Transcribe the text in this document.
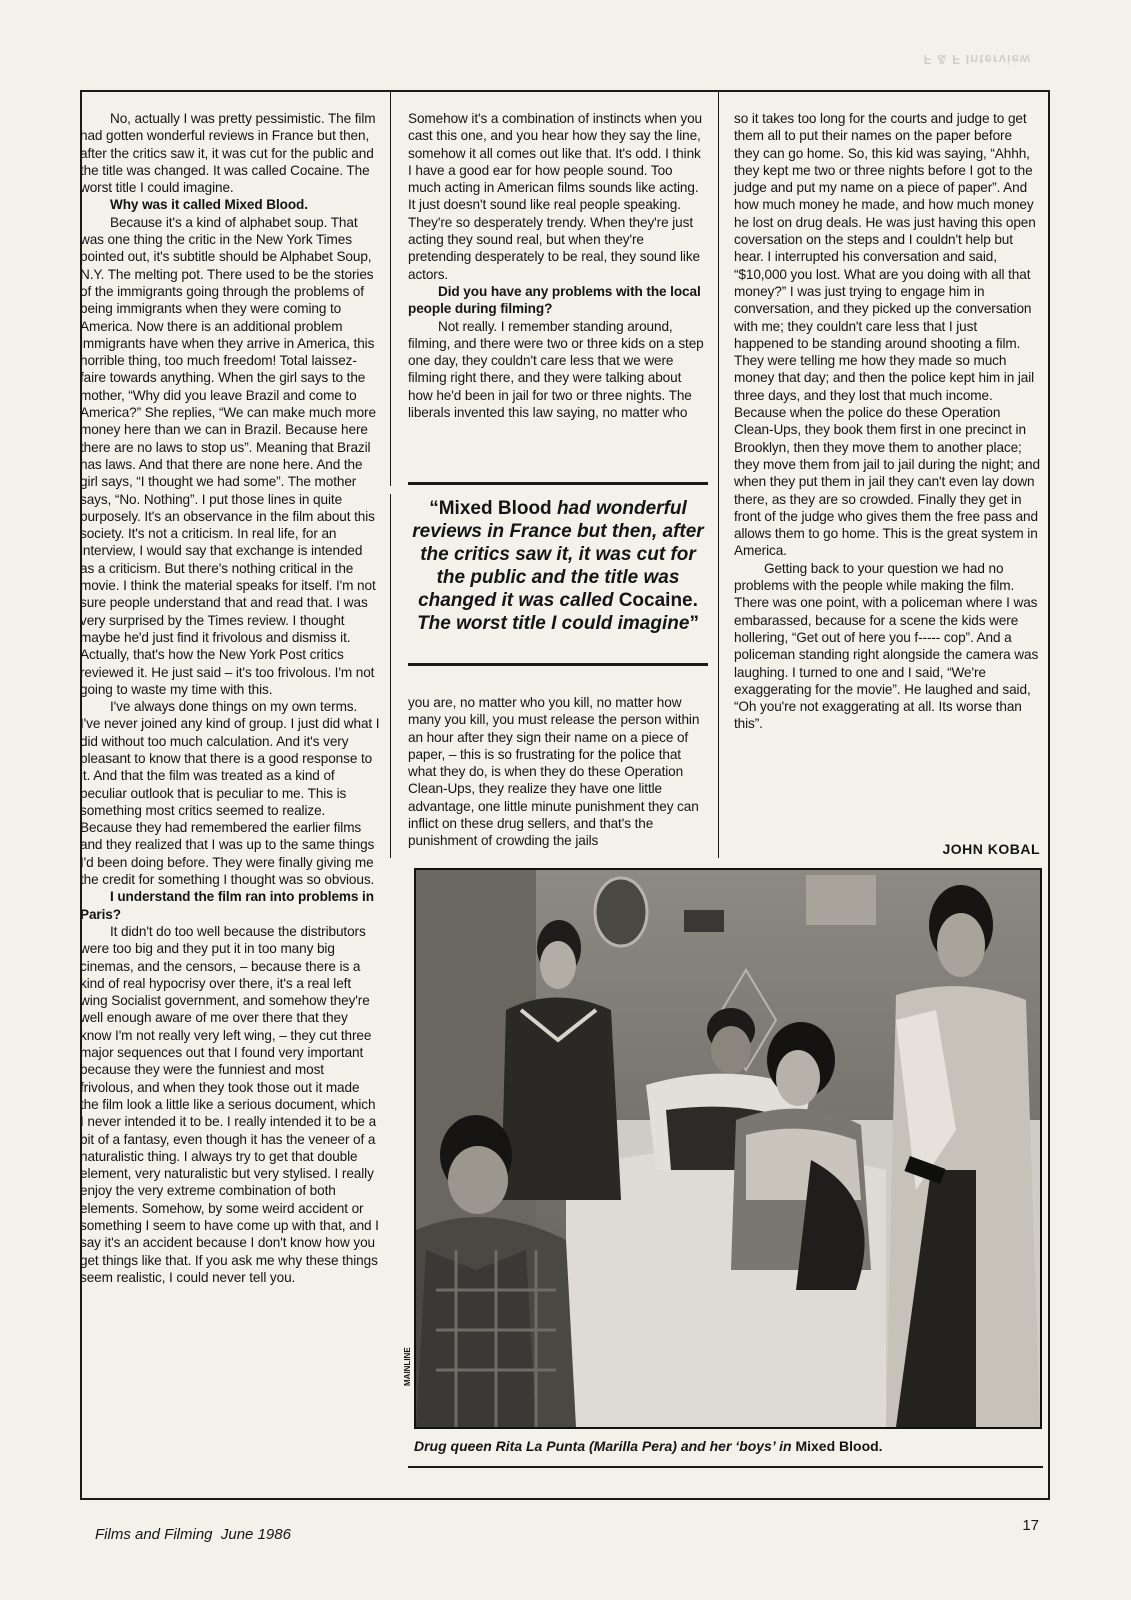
F & F Interview

No, actually I was pretty pessimistic. The film had gotten wonderful reviews in France but then, after the critics saw it, it was cut for the public and the title was changed. It was called Cocaine. The worst title I could imagine.

Why was it called Mixed Blood.

Because it's a kind of alphabet soup. That was one thing the critic in the New York Times pointed out, it's subtitle should be Alphabet Soup, N.Y. The melting pot. There used to be the stories of the immigrants going through the problems of being immigrants when they were coming to America. Now there is an additional problem immigrants have when they arrive in America, this horrible thing, too much freedom! Total laissez-faire towards anything. When the girl says to the mother, “Why did you leave Brazil and come to America?” She replies, “We can make much more money here than we can in Brazil. Because here there are no laws to stop us”. Meaning that Brazil has laws. And that there are none here. And the girl says, “I thought we had some”. The mother says, “No. Nothing”. I put those lines in quite purposely. It's an observance in the film about this society. It's not a criticism. In real life, for an interview, I would say that exchange is intended as a criticism. But there's nothing critical in the movie. I think the material speaks for itself. I'm not sure people understand that and read that. I was very surprised by the Times review. I thought maybe he'd just find it frivolous and dismiss it. Actually, that's how the New York Post critics reviewed it. He just said – it's too frivolous. I'm not going to waste my time with this.

I've always done things on my own terms. I've never joined any kind of group. I just did what I did without too much calculation. And it's very pleasant to know that there is a good response to it. And that the film was treated as a kind of peculiar outlook that is peculiar to me. This is something most critics seemed to realize. Because they had remembered the earlier films and they realized that I was up to the same things I'd been doing before. They were finally giving me the credit for something I thought was so obvious.

I understand the film ran into problems in Paris?

It didn't do too well because the distributors were too big and they put it in too many big cinemas, and the censors, – because there is a kind of real hypocrisy over there, it's a real left wing Socialist government, and somehow they're well enough aware of me over there that they know I'm not really very left wing, – they cut three major sequences out that I found very important because they were the funniest and most frivolous, and when they took those out it made the film look a little like a serious document, which I never intended it to be. I really intended it to be a bit of a fantasy, even though it has the veneer of a naturalistic thing. I always try to get that double element, very naturalistic but very stylised. I really enjoy the very extreme combination of both elements. Somehow, by some weird accident or something I seem to have come up with that, and I say it's an accident because I don't know how you get things like that. If you ask me why these things seem realistic, I could never tell you.

Somehow it's a combination of instincts when you cast this one, and you hear how they say the line, somehow it all comes out like that. It's odd. I think I have a good ear for how people sound. Too much acting in American films sounds like acting. It just doesn't sound like real people speaking. They're so desperately trendy. When they're just acting they sound real, but when they're pretending desperately to be real, they sound like actors.

Did you have any problems with the local people during filming?

Not really. I remember standing around, filming, and there were two or three kids on a step one day, they couldn't care less that we were filming right there, and they were talking about how he'd been in jail for two or three nights. The liberals invented this law saying, no matter who

“Mixed Blood had wonderful reviews in France but then, after the critics saw it, it was cut for the public and the title was changed it was called Cocaine. The worst title I could imagine”

you are, no matter who you kill, no matter how many you kill, you must release the person within an hour after they sign their name on a piece of paper, – this is so frustrating for the police that what they do, is when they do these Operation Clean-Ups, they realize they have one little advantage, one little minute punishment they can inflict on these drug sellers, and that's the punishment of crowding the jails

so it takes too long for the courts and judge to get them all to put their names on the paper before they can go home. So, this kid was saying, “Ahhh, they kept me two or three nights before I got to the judge and put my name on a piece of paper”. And how much money he made, and how much money he lost on drug deals. He was just having this open coversation on the steps and I couldn't help but hear. I interrupted his conversation and said, “$10,000 you lost. What are you doing with all that money?” I was just trying to engage him in conversation, and they picked up the conversation with me; they couldn't care less that I just happened to be standing around shooting a film. They were telling me how they made so much money that day; and then the police kept him in jail three days, and they lost that much income. Because when the police do these Operation Clean-Ups, they book them first in one precinct in Brooklyn, then they move them to another place; they move them from jail to jail during the night; and when they put them in jail they can't even lay down there, as they are so crowded. Finally they get in front of the judge who gives them the free pass and allows them to go home. This is the great system in America.

Getting back to your question we had no problems with the people while making the film. There was one point, with a policeman where I was embarassed, because for a scene the kids were hollering, “Get out of here you f----- cop”. And a policeman standing right alongside the camera was laughing. I turned to one and I said, “We're exaggerating for the movie”. He laughed and said, “Oh you're not exaggerating at all. Its worse than this”.

JOHN KOBAL
MAINLINE
Drug queen Rita La Punta (Marilla Pera) and her ‘boys’ in Mixed Blood.
Films and Filming June 1986
17
